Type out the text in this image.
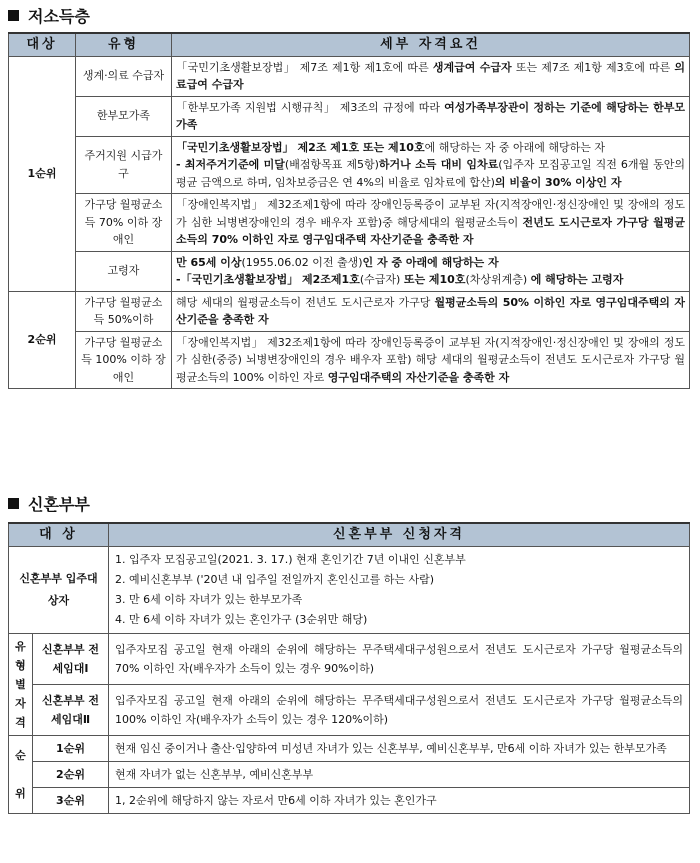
저소득층
대상	유형	세부 자격요건
1순위	생계·의료 수급자	「국민기초생활보장법」 제7조 제1항 제1호에 따른 생계급여 수급자 또는 제7조 제1항 제3호에 따른 의료급여 수급자
	한부모가족	「한부모가족 지원법 시행규칙」 제3조의 규정에 따라 여성가족부장관이 정하는 기준에 해당하는 한부모가족
	주거지원 시급가구	「국민기초생활보장법」 제2조 제1호 또는 제10호에 해당하는 자 중 아래에 해당하는 자
- 최저주거기준에 미달(배점항목표 제5항)하거나 소득 대비 임차료(입주자 모집공고일 직전 6개월 동안의 평균 금액으로 하며, 임차보증금은 연 4%의 비율로 임차료에 합산)의 비율이 30% 이상인 자
	가구당 월평균소득 70% 이하 장애인	「장애인복지법」 제32조제1항에 따라 장애인등록증이 교부된 자(지적장애인·정신장애인 및 장애의 정도가 심한 뇌병변장애인의 경우 배우자 포함)중 해당세대의 월평균소득이 전년도 도시근로자 가구당 월평균소득의 70% 이하인 자로 영구임대주택 자산기준을 충족한 자
	고령자	만 65세 이상(1955.06.02 이전 출생)인 자 중 아래에 해당하는 자
-「국민기초생활보장법」 제2조제1호(수급자) 또는 제10호(차상위계층) 에 해당하는 고령자
2순위	가구당 월평균소득 50%이하	해당 세대의 월평균소득이 전년도 도시근로자 가구당 월평균소득의 50% 이하인 자로 영구임대주택의 자산기준을 충족한 자
	가구당 월평균소득 100% 이하 장애인	「장애인복지법」 제32조제1항에 따라 장애인등록증이 교부된 자(지적장애인·정신장애인 및 장애의 정도가 심한(중증) 뇌병변장애인의 경우 배우자 포함) 해당 세대의 월평균소득이 전년도 도시근로자 가구당 월평균소득의 100% 이하인 자로 영구임대주택의 자산기준을 충족한 자
신혼부부
대 상		신혼부부 신청자격
신혼부부 입주대상자		1. 입주자 모집공고일(2021. 3. 17.) 현재 혼인기간 7년 이내인 신혼부부
2. 예비신혼부부 ('20년 내 입주일 전일까지 혼인신고를 하는 사람)
3. 만 6세 이하 자녀가 있는 한부모가족
4. 만 6세 이하 자녀가 있는 혼인가구 (3순위만 해당)

유
형
별
자
격	신혼부부 전세임대Ⅰ	입주자모집 공고일 현재 아래의 순위에 해당하는 무주택세대구성원으로서 전년도 도시근로자 가구당 월평균소득의 70% 이하인 자(배우자가 소득이 있는 경우 90%이하)
	신혼부부 전세임대Ⅱ	입주자모집 공고일 현재 아래의 순위에 해당하는 무주택세대구성원으로서 전년도 도시근로자 가구당 월평균소득의 100% 이하인 자(배우자가 소득이 있는 경우 120%이하)
순

위	1순위	현재 임신 중이거나 출산·입양하여 미성년 자녀가 있는 신혼부부, 예비신혼부부, 만6세 이하 자녀가 있는 한부모가족
	2순위	현재 자녀가 없는 신혼부부, 예비신혼부부
	3순위	1, 2순위에 해당하지 않는 자로서 만6세 이하 자녀가 있는 혼인가구
